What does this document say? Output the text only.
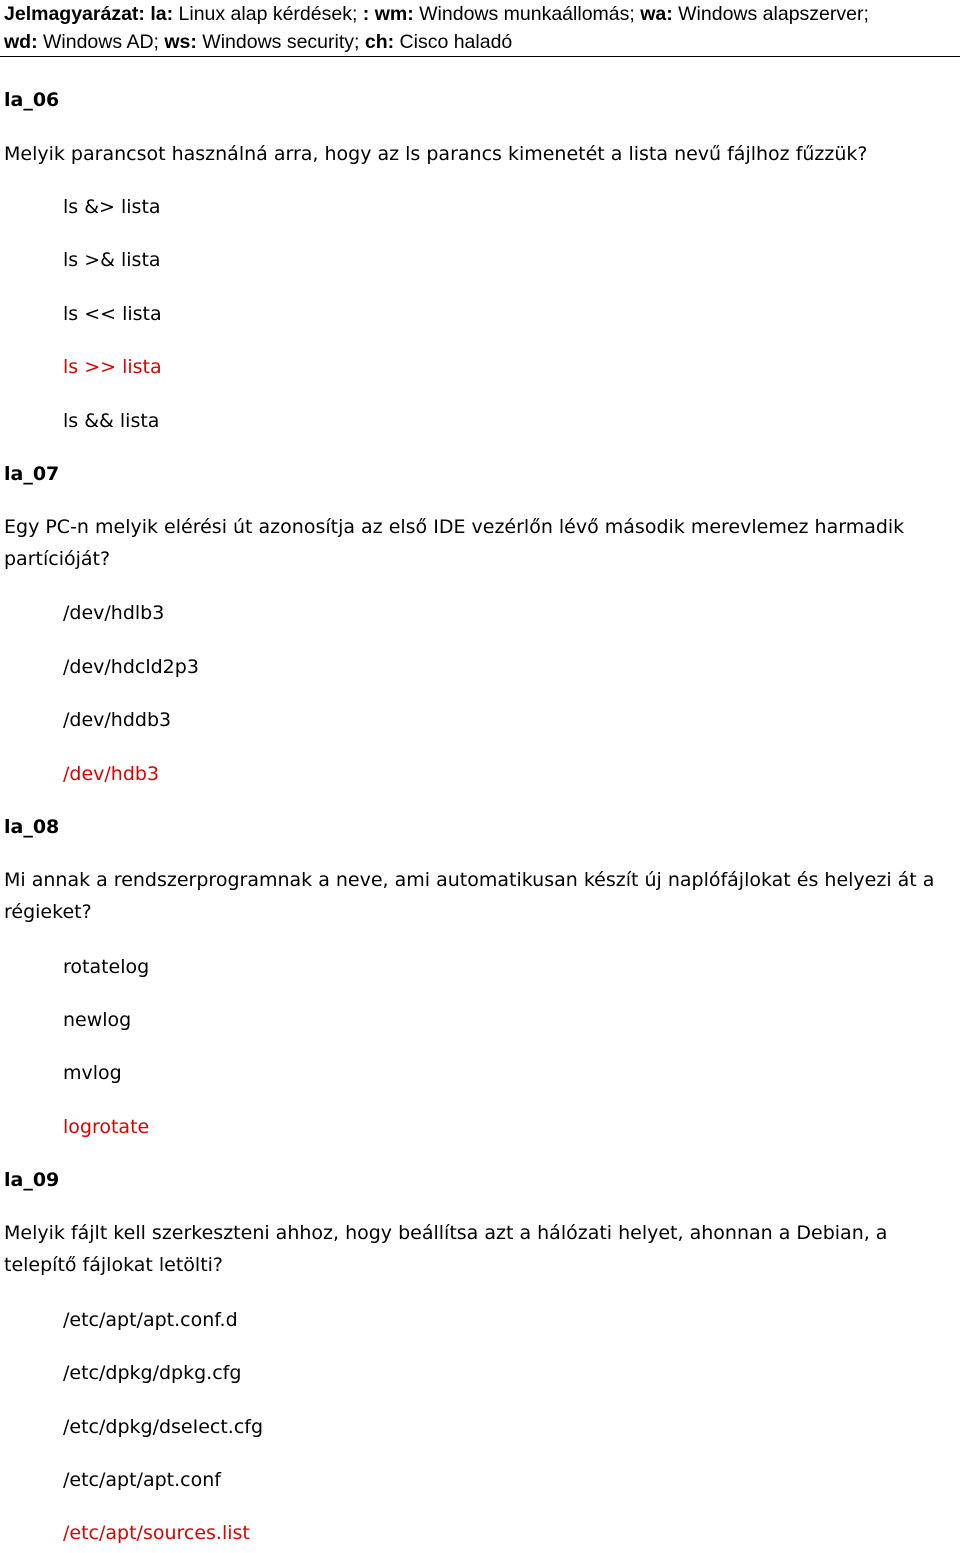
Jelmagyarázat: la: Linux alap kérdések; : wm: Windows munkaállomás; wa: Windows alapszerver;
wd: Windows AD; ws: Windows security; ch: Cisco haladó
la_06
Melyik parancsot használná arra, hogy az ls parancs kimenetét a lista nevű fájlhoz fűzzük?
ls &> lista
ls >& lista
ls << lista
ls >> lista
ls && lista
la_07
Egy PC-n melyik elérési út azonosítja az első IDE vezérlőn lévő második merevlemez harmadik partícióját?
/dev/hdlb3
/dev/hdcld2p3
/dev/hddb3
/dev/hdb3
la_08
Mi annak a rendszerprogramnak a neve, ami automatikusan készít új naplófájlokat és helyezi át a régieket?
rotatelog
newlog
mvlog
logrotate
la_09
Melyik fájlt kell szerkeszteni ahhoz, hogy beállítsa azt a hálózati helyet, ahonnan a Debian, a telepítő fájlokat letölti?
/etc/apt/apt.conf.d
/etc/dpkg/dpkg.cfg
/etc/dpkg/dseIect.cfg
/etc/apt/apt.conf
/etc/apt/sources.list
